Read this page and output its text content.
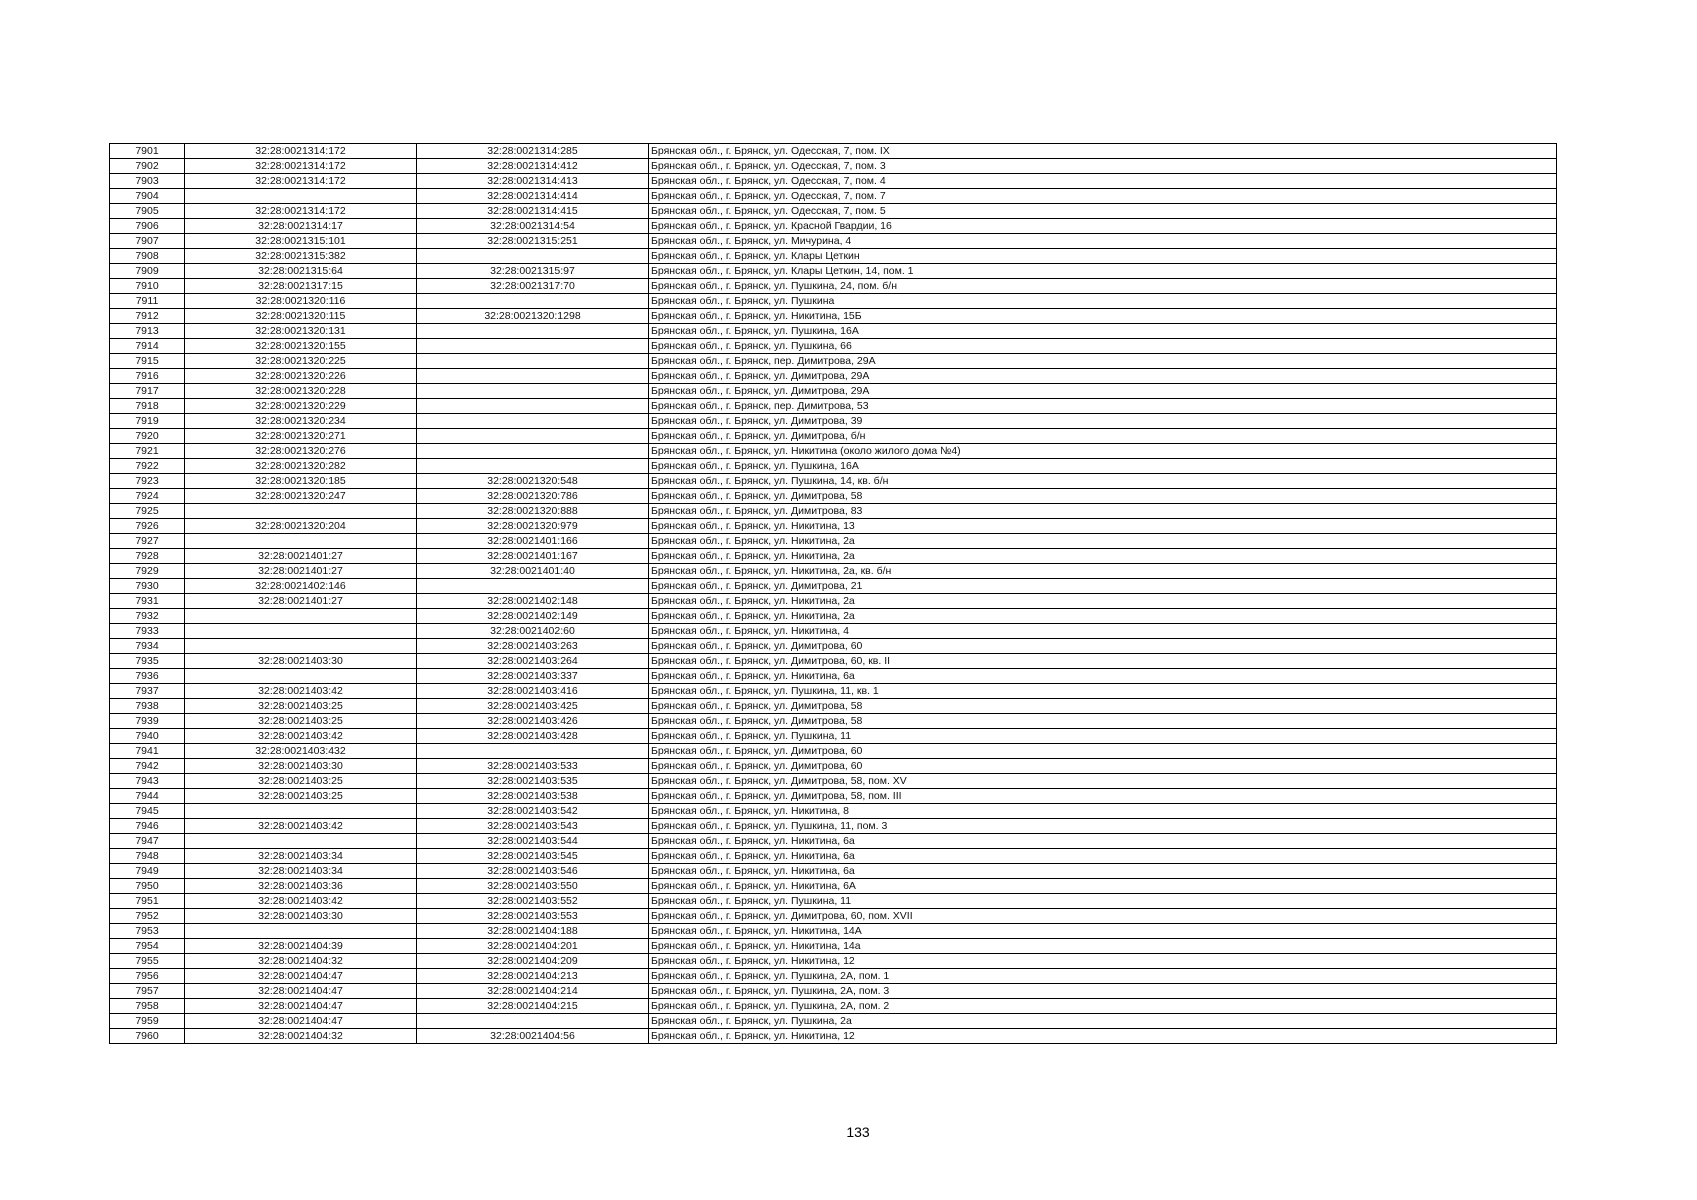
7901	32:28:0021314:172	32:28:0021314:285	Брянская обл., г. Брянск, ул. Одесская, 7, пом. IX
7902	32:28:0021314:172	32:28:0021314:412	Брянская обл., г. Брянск, ул. Одесская, 7, пом. 3
7903	32:28:0021314:172	32:28:0021314:413	Брянская обл., г. Брянск, ул. Одесская, 7, пом. 4
7904		32:28:0021314:414	Брянская обл., г. Брянск, ул. Одесская, 7, пом. 7
7905	32:28:0021314:172	32:28:0021314:415	Брянская обл., г. Брянск, ул. Одесская, 7, пом. 5
7906	32:28:0021314:17	32:28:0021314:54	Брянская обл., г. Брянск, ул. Красной Гвардии, 16
7907	32:28:0021315:101	32:28:0021315:251	Брянская обл., г. Брянск, ул. Мичурина, 4
7908	32:28:0021315:382		Брянская обл., г. Брянск, ул. Клары Цеткин
7909	32:28:0021315:64	32:28:0021315:97	Брянская обл., г. Брянск, ул. Клары Цеткин, 14, пом. 1
7910	32:28:0021317:15	32:28:0021317:70	Брянская обл., г. Брянск, ул. Пушкина, 24, пом. б/н
7911	32:28:0021320:116		Брянская обл., г. Брянск, ул. Пушкина
7912	32:28:0021320:115	32:28:0021320:1298	Брянская обл., г. Брянск, ул. Никитина, 15Б
7913	32:28:0021320:131		Брянская обл., г. Брянск, ул. Пушкина, 16А
7914	32:28:0021320:155		Брянская обл., г. Брянск, ул. Пушкина, 66
7915	32:28:0021320:225		Брянская обл., г. Брянск, пер. Димитрова, 29А
7916	32:28:0021320:226		Брянская обл., г. Брянск, ул. Димитрова, 29А
7917	32:28:0021320:228		Брянская обл., г. Брянск, ул. Димитрова, 29А
7918	32:28:0021320:229		Брянская обл., г. Брянск, пер. Димитрова, 53
7919	32:28:0021320:234		Брянская обл., г. Брянск, ул. Димитрова, 39
7920	32:28:0021320:271		Брянская обл., г. Брянск, ул. Димитрова, б/н
7921	32:28:0021320:276		Брянская обл., г. Брянск, ул. Никитина (около жилого дома №4)
7922	32:28:0021320:282		Брянская обл., г. Брянск, ул. Пушкина, 16А
7923	32:28:0021320:185	32:28:0021320:548	Брянская обл., г. Брянск, ул. Пушкина, 14, кв. б/н
7924	32:28:0021320:247	32:28:0021320:786	Брянская обл., г. Брянск, ул. Димитрова, 58
7925		32:28:0021320:888	Брянская обл., г. Брянск, ул. Димитрова, 83
7926	32:28:0021320:204	32:28:0021320:979	Брянская обл., г. Брянск, ул. Никитина, 13
7927		32:28:0021401:166	Брянская обл., г. Брянск, ул. Никитина, 2а
7928	32:28:0021401:27	32:28:0021401:167	Брянская обл., г. Брянск, ул. Никитина, 2а
7929	32:28:0021401:27	32:28:0021401:40	Брянская обл., г. Брянск, ул. Никитина, 2а, кв. б/н
7930	32:28:0021402:146		Брянская обл., г. Брянск, ул. Димитрова, 21
7931	32:28:0021401:27	32:28:0021402:148	Брянская обл., г. Брянск, ул. Никитина, 2а
7932		32:28:0021402:149	Брянская обл., г. Брянск, ул. Никитина, 2а
7933		32:28:0021402:60	Брянская обл., г. Брянск, ул. Никитина, 4
7934		32:28:0021403:263	Брянская обл., г. Брянск, ул. Димитрова, 60
7935	32:28:0021403:30	32:28:0021403:264	Брянская обл., г. Брянск, ул. Димитрова, 60, кв. II
7936		32:28:0021403:337	Брянская обл., г. Брянск, ул. Никитина, 6а
7937	32:28:0021403:42	32:28:0021403:416	Брянская обл., г. Брянск, ул. Пушкина, 11, кв. 1
7938	32:28:0021403:25	32:28:0021403:425	Брянская обл., г. Брянск, ул. Димитрова, 58
7939	32:28:0021403:25	32:28:0021403:426	Брянская обл., г. Брянск, ул. Димитрова, 58
7940	32:28:0021403:42	32:28:0021403:428	Брянская обл., г. Брянск, ул. Пушкина, 11
7941	32:28:0021403:432		Брянская обл., г. Брянск, ул. Димитрова, 60
7942	32:28:0021403:30	32:28:0021403:533	Брянская обл., г. Брянск, ул. Димитрова, 60
7943	32:28:0021403:25	32:28:0021403:535	Брянская обл., г. Брянск, ул. Димитрова, 58, пом. XV
7944	32:28:0021403:25	32:28:0021403:538	Брянская обл., г. Брянск, ул. Димитрова, 58, пом. III
7945		32:28:0021403:542	Брянская обл., г. Брянск, ул. Никитина, 8
7946	32:28:0021403:42	32:28:0021403:543	Брянская обл., г. Брянск, ул. Пушкина, 11, пом. 3
7947		32:28:0021403:544	Брянская обл., г. Брянск, ул. Никитина, 6а
7948	32:28:0021403:34	32:28:0021403:545	Брянская обл., г. Брянск, ул. Никитина, 6а
7949	32:28:0021403:34	32:28:0021403:546	Брянская обл., г. Брянск, ул. Никитина, 6а
7950	32:28:0021403:36	32:28:0021403:550	Брянская обл., г. Брянск, ул. Никитина, 6А
7951	32:28:0021403:42	32:28:0021403:552	Брянская обл., г. Брянск, ул. Пушкина, 11
7952	32:28:0021403:30	32:28:0021403:553	Брянская обл., г. Брянск, ул. Димитрова, 60, пом. XVII
7953		32:28:0021404:188	Брянская обл., г. Брянск, ул. Никитина, 14А
7954	32:28:0021404:39	32:28:0021404:201	Брянская обл., г. Брянск, ул. Никитина, 14а
7955	32:28:0021404:32	32:28:0021404:209	Брянская обл., г. Брянск, ул. Никитина, 12
7956	32:28:0021404:47	32:28:0021404:213	Брянская обл., г. Брянск, ул. Пушкина, 2А, пом. 1
7957	32:28:0021404:47	32:28:0021404:214	Брянская обл., г. Брянск, ул. Пушкина, 2А, пом. 3
7958	32:28:0021404:47	32:28:0021404:215	Брянская обл., г. Брянск, ул. Пушкина, 2А, пом. 2
7959	32:28:0021404:47		Брянская обл., г. Брянск, ул. Пушкина, 2а
7960	32:28:0021404:32	32:28:0021404:56	Брянская обл., г. Брянск, ул. Никитина, 12
133
